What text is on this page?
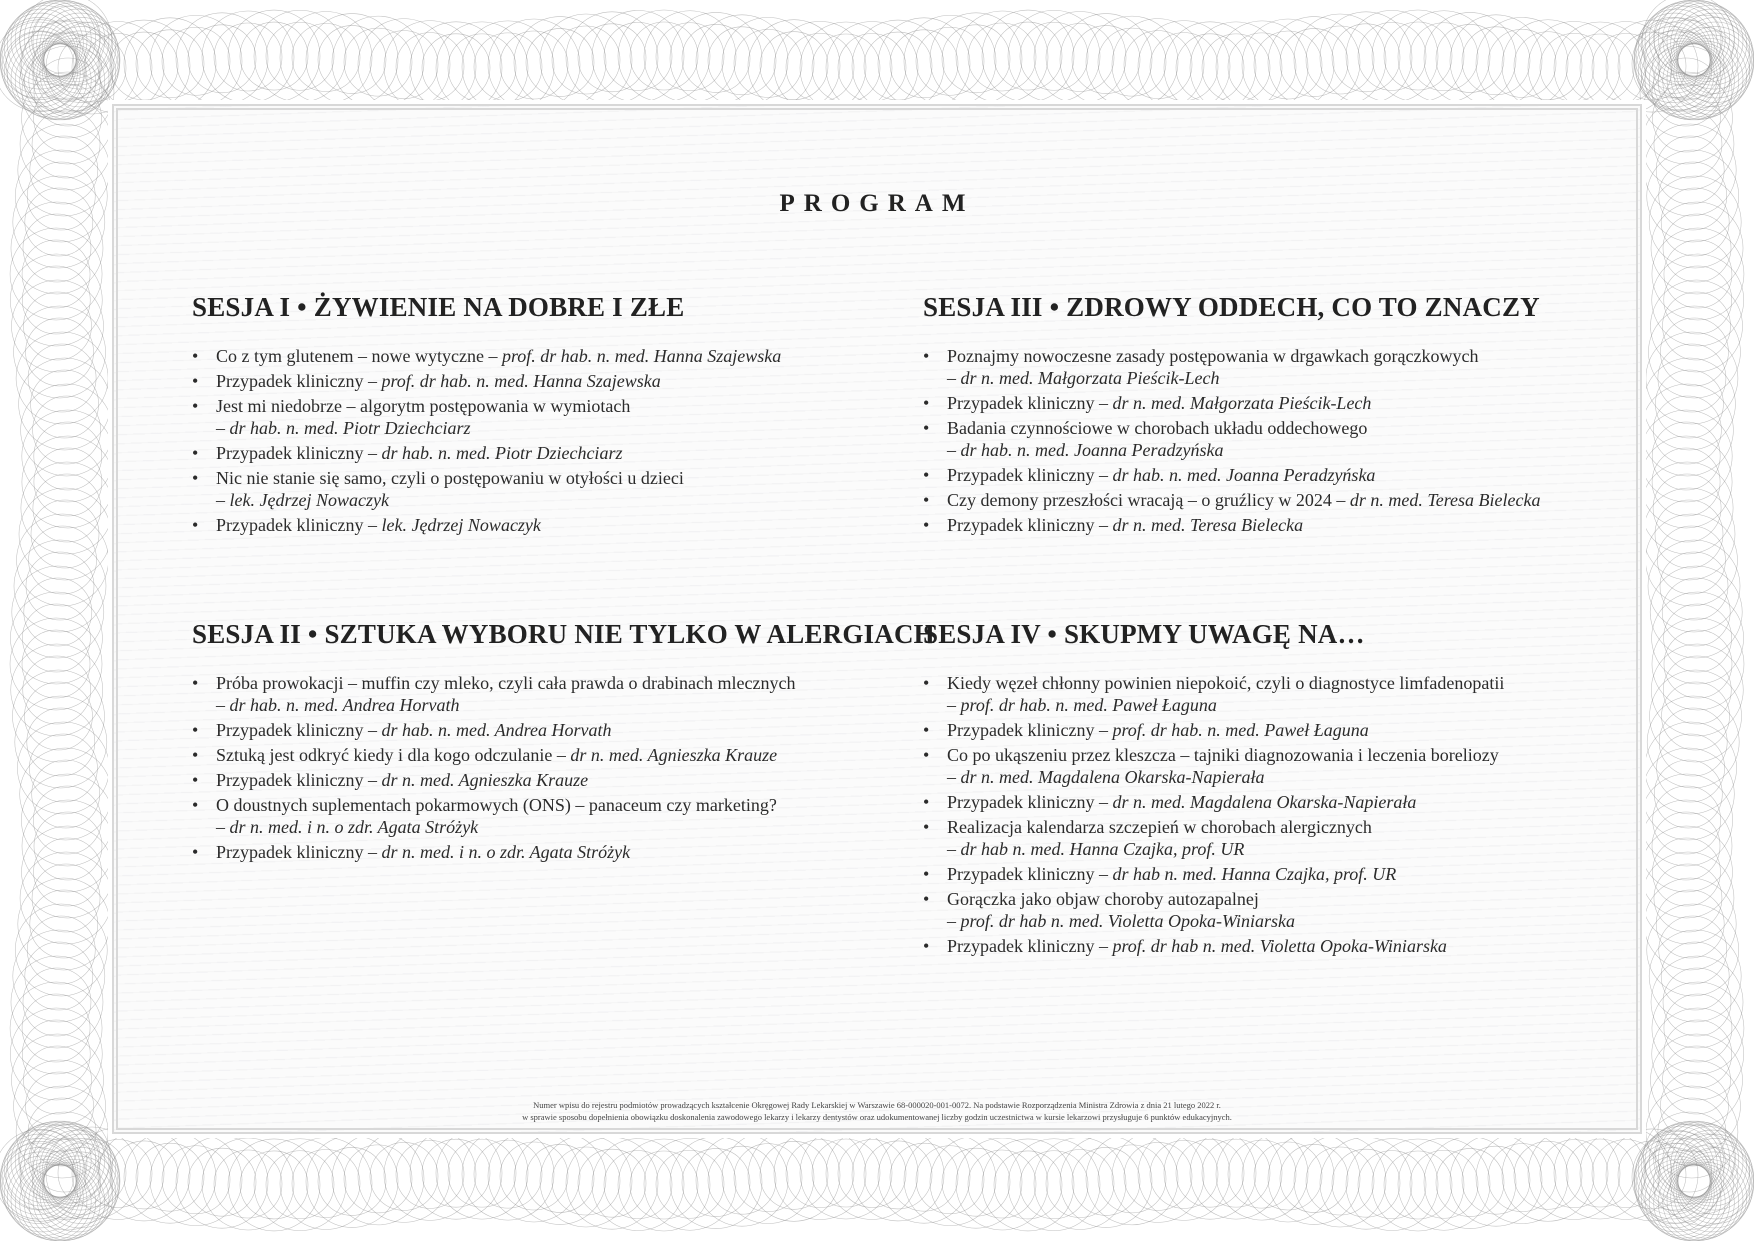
PROGRAM
SESJA I • ŻYWIENIE NA DOBRE I ZŁE
• Co z tym glutenem – nowe wytyczne – prof. dr hab. n. med. Hanna Szajewska
• Przypadek kliniczny – prof. dr hab. n. med. Hanna Szajewska
• Jest mi niedobrze – algorytm postępowania w wymiotach
– dr hab. n. med. Piotr Dziechciarz
• Przypadek kliniczny – dr hab. n. med. Piotr Dziechciarz
• Nic nie stanie się samo, czyli o postępowaniu w otyłości u dzieci
– lek. Jędrzej Nowaczyk
• Przypadek kliniczny – lek. Jędrzej Nowaczyk
SESJA III • ZDROWY ODDECH, CO TO ZNACZY
• Poznajmy nowoczesne zasady postępowania w drgawkach gorączkowych
– dr n. med. Małgorzata Pieścik-Lech
• Przypadek kliniczny – dr n. med. Małgorzata Pieścik-Lech
• Badania czynnościowe w chorobach układu oddechowego
– dr hab. n. med. Joanna Peradzyńska
• Przypadek kliniczny – dr hab. n. med. Joanna Peradzyńska
• Czy demony przeszłości wracają – o gruźlicy w 2024 – dr n. med. Teresa Bielecka
• Przypadek kliniczny – dr n. med. Teresa Bielecka
SESJA II • SZTUKA WYBORU NIE TYLKO W ALERGIACH
• Próba prowokacji – muffin czy mleko, czyli cała prawda o drabinach mlecznych
– dr hab. n. med. Andrea Horvath
• Przypadek kliniczny – dr hab. n. med. Andrea Horvath
• Sztuką jest odkryć kiedy i dla kogo odczulanie – dr n. med. Agnieszka Krauze
• Przypadek kliniczny – dr n. med. Agnieszka Krauze
• O doustnych suplementach pokarmowych (ONS) – panaceum czy marketing?
– dr n. med. i n. o zdr. Agata Stróżyk
• Przypadek kliniczny – dr n. med. i n. o zdr. Agata Stróżyk
SESJA IV • SKUPMY UWAGĘ NA…
• Kiedy węzeł chłonny powinien niepokoić, czyli o diagnostyce limfadenopatii
– prof. dr hab. n. med. Paweł Łaguna
• Przypadek kliniczny – prof. dr hab. n. med. Paweł Łaguna
• Co po ukąszeniu przez kleszcza – tajniki diagnozowania i leczenia boreliozy
– dr n. med. Magdalena Okarska-Napierała
• Przypadek kliniczny – dr n. med. Magdalena Okarska-Napierała
• Realizacja kalendarza szczepień w chorobach alergicznych
– dr hab n. med. Hanna Czajka, prof. UR
• Przypadek kliniczny – dr hab n. med. Hanna Czajka, prof. UR
• Gorączka jako objaw choroby autozapalnej
– prof. dr hab n. med. Violetta Opoka-Winiarska
• Przypadek kliniczny – prof. dr hab n. med. Violetta Opoka-Winiarska
Numer wpisu do rejestru podmiotów prowadzących kształcenie Okręgowej Rady Lekarskiej w Warszawie 68-000020-001-0072. Na podstawie Rozporządzenia Ministra Zdrowia z dnia 21 lutego 2022 r.
w sprawie sposobu dopełnienia obowiązku doskonalenia zawodowego lekarzy i lekarzy dentystów oraz udokumentowanej liczby godzin uczestnictwa w kursie lekarzowi przysługuje 6 punktów edukacyjnych.
